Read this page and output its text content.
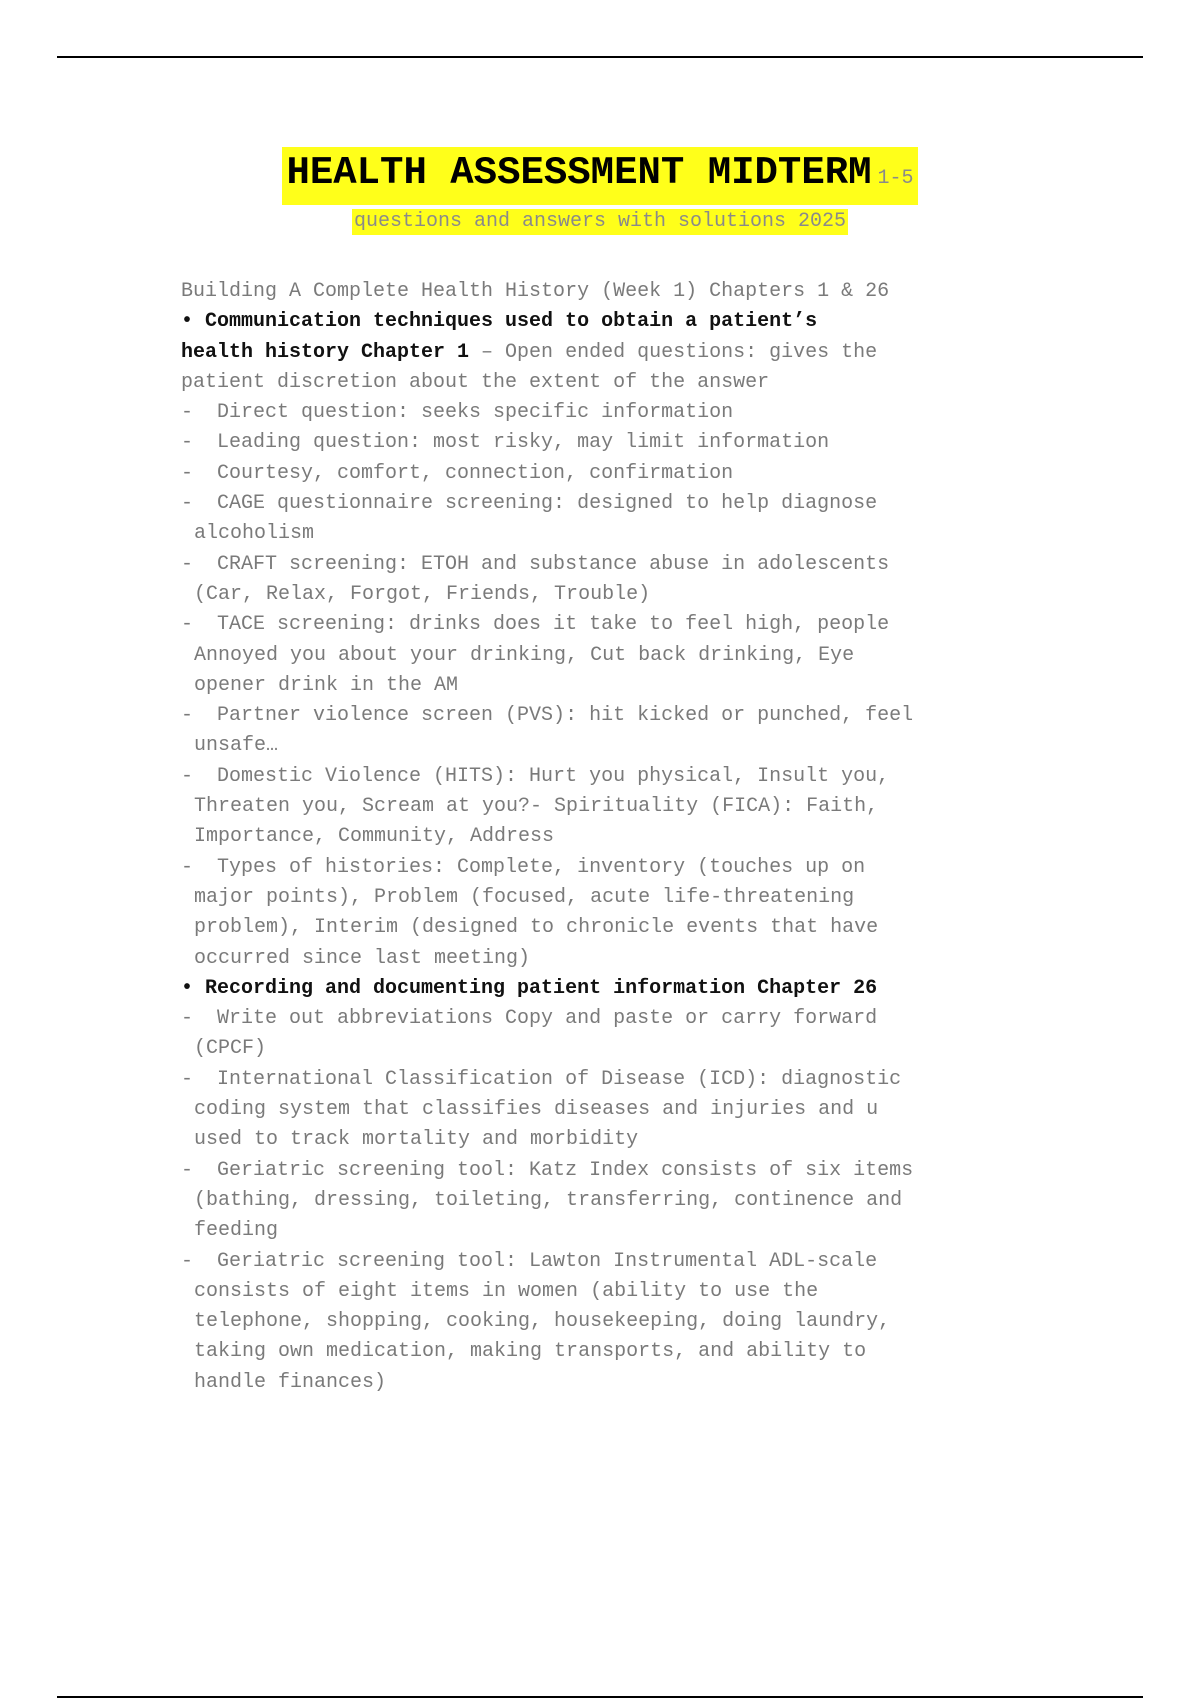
HEALTH ASSESSMENT MIDTERM 1-5
questions and answers with solutions 2025
Building A Complete Health History (Week 1) Chapters 1 & 26
• Communication techniques used to obtain a patient’s
health history Chapter 1 – Open ended questions: gives the
patient discretion about the extent of the answer
-  Direct question: seeks specific information
-  Leading question: most risky, may limit information
-  Courtesy, comfort, connection, confirmation
-  CAGE questionnaire screening: designed to help diagnose
alcoholism
-  CRAFT screening: ETOH and substance abuse in adolescents
(Car, Relax, Forgot, Friends, Trouble)
-  TACE screening: drinks does it take to feel high, people
Annoyed you about your drinking, Cut back drinking, Eye
opener drink in the AM
-  Partner violence screen (PVS): hit kicked or punched, feel
unsafe…
-  Domestic Violence (HITS): Hurt you physical, Insult you,
Threaten you, Scream at you?- Spirituality (FICA): Faith,
Importance, Community, Address
-  Types of histories: Complete, inventory (touches up on
major points), Problem (focused, acute life-threatening
problem), Interim (designed to chronicle events that have
occurred since last meeting)
• Recording and documenting patient information Chapter 26
-  Write out abbreviations Copy and paste or carry forward
(CPCF)
-  International Classification of Disease (ICD): diagnostic
coding system that classifies diseases and injuries and u
used to track mortality and morbidity
-  Geriatric screening tool: Katz Index consists of six items
(bathing, dressing, toileting, transferring, continence and
feeding
-  Geriatric screening tool: Lawton Instrumental ADL-scale
consists of eight items in women (ability to use the
telephone, shopping, cooking, housekeeping, doing laundry,
taking own medication, making transports, and ability to
handle finances)
